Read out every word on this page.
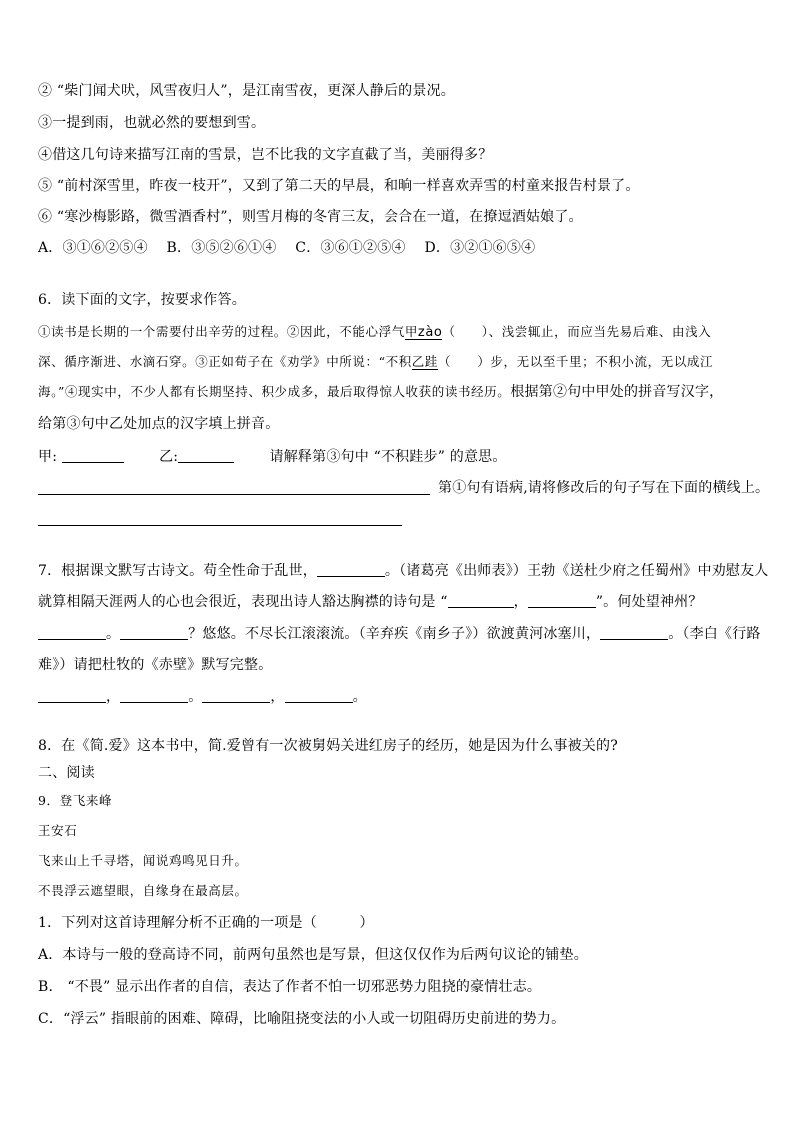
② “柴门闻犬吠，风雪夜归人”，是江南雪夜，更深人静后的景况。
③一提到雨，也就必然的要想到雪。
④借这几句诗来描写江南的雪景，岂不比我的文字直截了当，美丽得多？
⑤ “前村深雪里，昨夜一枝开”，又到了第二天的早晨，和晌一样喜欢弄雪的村童来报告村景了。
⑥ “寒沙梅影路，微雪酒香村”，则雪月梅的冬宵三友，会合在一道，在撩逗酒姑娘了。
A．③①⑥②⑤④　 B．③⑤②⑥①④　 C．③⑥①②⑤④　 D．③②①⑥⑤④
6．读下面的文字，按要求作答。
①读书是长期的一个需要付出辛劳的过程。②因此，不能心浮气甲zào（　　）、浅尝辄止，而应当先易后难、由浅入
深、循序渐进、水滴石穿。③正如荀子在《劝学》中所说：“不积乙跬（　　）步，无以至千里；不积小流，无以成江
海。”④现实中，不少人都有长期坚持、积少成多，最后取得惊人收获的读书经历。根据第②句中甲处的拼音写汉字，
给第③句中乙处加点的汉字填上拼音。
甲:	乙:	请解释第③句中 “不积跬步” 的意思。
第①句有语病,请将修改后的句子写在下面的横线上。
7．根据课文默写古诗文。苟全性命于乱世，	。（诸葛亮《出师表》）王勃《送杜少府之任蜀州》中劝慰友人
就算相隔天涯两人的心也会很近，表现出诗人豁达胸襟的诗句是 “	，	”。何处望神州？
。	？悠悠。不尽长江滚滚流。（辛弃疾《南乡子》）欲渡黄河冰塞川，	。（李白《行路
难》）请把杜牧的《赤壁》默写完整。
，	。	，	。
8．在《简.爱》这本书中，简.爱曾有一次被舅妈关进红房子的经历，她是因为什么事被关的?
二、阅读
9．登飞来峰
王安石
飞来山上千寻塔，闻说鸡鸣见日升。
不畏浮云遮望眼，自缘身在最高层。
1．下列对这首诗理解分析不正确的一项是（　　　）
A．本诗与一般的登高诗不同，前两句虽然也是写景，但这仅仅作为后两句议论的铺垫。
B． “不畏” 显示出作者的自信，表达了作者不怕一切邪恶势力阻挠的豪情壮志。
C．“浮云” 指眼前的困难、障碍，比喻阻挠变法的小人或一切阻碍历史前进的势力。
